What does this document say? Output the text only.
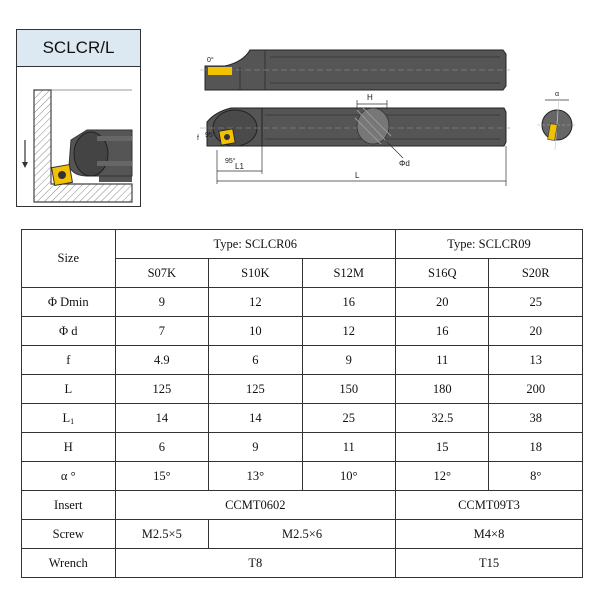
SCLCR/L
0°
H
Φd
95°
f
95°
L1
L
α
Size	Type: SCLCR06			Type: SCLCR09	
	S07K	S10K	S12M	S16Q	S20R
Φ Dmin	9	12	16	20	25
Φ d	7	10	12	16	20
f	4.9	6	9	11	13
L	125	125	150	180	200
$L_1$	14	14	25	32.5	38
H	6	9	11	15	18
α °	15°	13°	10°	12°	8°
Insert	CCMT0602			CCMT09T3	
Screw	M2.5×5	M2.5×6		M4×8	
Wrench	T8			T15	
